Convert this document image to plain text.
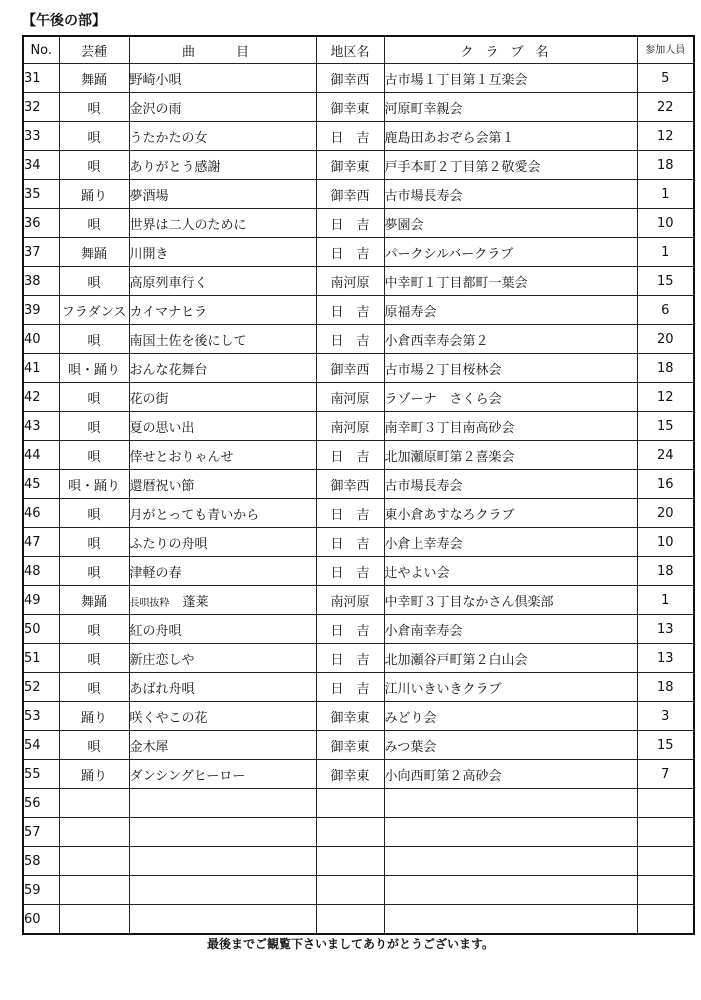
【午後の部】
No.	芸種	曲　目	地区名	クラブ名	参加人員
31	舞踊	野崎小唄	御幸西	古市場１丁目第１互楽会	5
32	唄	金沢の雨	御幸東	河原町幸親会	22
33	唄	うたかたの女	日　吉	鹿島田あおぞら会第１	12
34	唄	ありがとう感謝	御幸東	戸手本町２丁目第２敬愛会	18
35	踊り	夢酒場	御幸西	古市場長寿会	1
36	唄	世界は二人のために	日　吉	夢園会	10
37	舞踊	川開き	日　吉	パークシルバークラブ	1
38	唄	高原列車行く	南河原	中幸町１丁目都町一葉会	15
39	フラダンス	カイマナヒラ	日　吉	原福寿会	6
40	唄	南国土佐を後にして	日　吉	小倉西幸寿会第２	20
41	唄・踊り	おんな花舞台	御幸西	古市場２丁目桜林会	18
42	唄	花の街	南河原	ラゾーナ　さくら会	12
43	唄	夏の思い出	南河原	南幸町３丁目南高砂会	15
44	唄	倖せとおりゃんせ	日　吉	北加瀬原町第２喜楽会	24
45	唄・踊り	還暦祝い節	御幸西	古市場長寿会	16
46	唄	月がとっても青いから	日　吉	東小倉あすなろクラブ	20
47	唄	ふたりの舟唄	日　吉	小倉上幸寿会	10
48	唄	津軽の春	日　吉	辻やよい会	18
49	舞踊	長唄抜粋　 蓬莱	南河原	中幸町３丁目なかさん倶楽部	1
50	唄	紅の舟唄	日　吉	小倉南幸寿会	13
51	唄	新庄恋しや	日　吉	北加瀬谷戸町第２白山会	13
52	唄	あばれ舟唄	日　吉	江川いきいきクラブ	18
53	踊り	咲くやこの花	御幸東	みどり会	3
54	唄	金木犀	御幸東	みつ葉会	15
55	踊り	ダンシングヒーロー	御幸東	小向西町第２高砂会	7
56					
57					
58					
59					
60					
最後までご観覧下さいましてありがとうございます。
